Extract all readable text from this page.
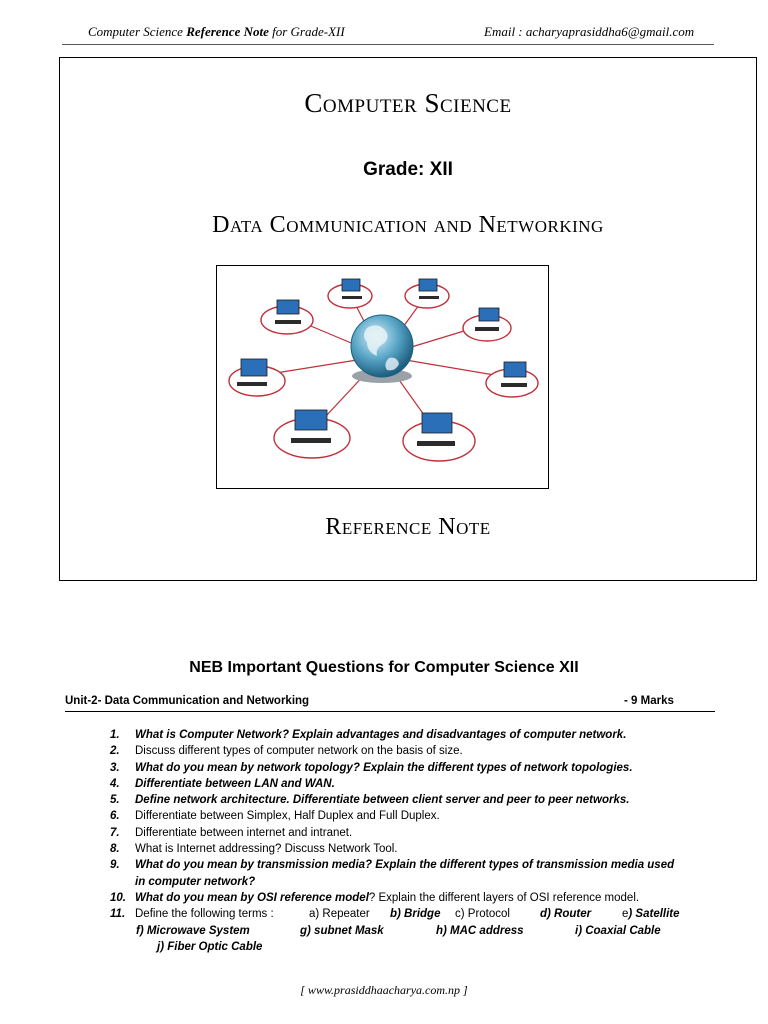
Computer Science Reference Note for Grade-XII	Email : acharyaprasiddha6@gmail.com
Computer Science
Grade: XII
Data Communication and Networking
Reference Note
NEB Important Questions for Computer Science XII
Unit-2- Data Communication and Networking	- 9 Marks
1.	What is Computer Network? Explain advantages and disadvantages of computer network.
2.	Discuss different types of computer network on the basis of size.
3.	What do you mean by network topology? Explain the different types of network topologies.
4.	Differentiate between LAN and WAN.
5.	Define network architecture. Differentiate between client server and peer to peer networks.
6.	Differentiate between Simplex, Half Duplex and Full Duplex.
7.	Differentiate between internet and intranet.
8.	What is Internet addressing? Discuss Network Tool.
9.	What do you mean by transmission media? Explain the different types of transmission media used
in computer network?
10. What do you mean by OSI reference model? Explain the different layers of OSI reference model.
11. Define the following terms :	a) Repeater b) Bridge c) Protocol	d) Router	e) Satellite
f) Microwave System	g) subnet Mask	h) MAC address	i) Coaxial Cable
j) Fiber Optic Cable
[ www.prasiddhaacharya.com.np ]
